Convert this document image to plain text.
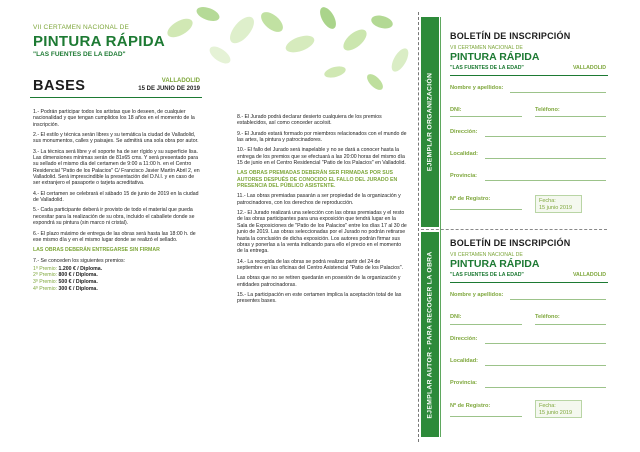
VII CERTAMEN NACIONAL DE
PINTURA RÁPIDA
"LAS FUENTES DE LA EDAD"
BASES	VALLADOLID
15 DE JUNIO DE 2019

1.- Podrán participar todos los artistas que lo deseen, de cualquier nacionalidad y que tengan cumplidos los 18 años en el momento de la inscripción.

2.- El estilo y técnica serán libres y su temática la ciudad de Valladolid, sus monumentos, calles y paisajes. Se admitirá una sola obra por autor.

3.- La técnica será libre y el soporte ha de ser rígido y su superficie lisa. Las dimensiones mínimas serán de 81x65 cms. Y será presentado para su sellado el mismo día del certamen de 9:00 a 11:00 h. en el Centro Residencial "Patio de los Palacios" C/ Francisco Javier Martín Abril 2, en Valladolid. Será imprescindible la presentación del D.N.I. y en caso de ser extranjero el pasaporte o tarjeta acreditativa.

4.- El certamen se celebrará el sábado 15 de junio de 2019 en la ciudad de Valladolid.

5.- Cada participante deberá ir provisto de todo el material que pueda necesitar para la realización de su obra, incluido el caballete donde se expondrá su pintura (sin marco ni cristal).

6.- El plazo máximo de entrega de las obras será hasta las 18:00 h. de ese mismo día y en el mismo lugar donde se realizó el sellado.

LAS OBRAS DEBERÁN ENTREGARSE SIN FIRMAR

7.- Se conceden los siguientes premios:

1º Premio: 1.200 € / Diploma.
2º Premio: 800 € / Diploma.
3º Premio: 500 € / Diploma.
4º Premio: 300 € / Diploma.

8.- El Jurado podrá declarar desierto cualquiera de los premios establecidos, así como conceder accésit.

9.- El Jurado estará formado por miembros relacionados con el mundo de las artes, la pintura y patrocinadores.

10.- El fallo del Jurado será inapelable y no se dará a conocer hasta la entrega de los premios que se efectuará a las 20:00 horas del mismo día 15 de junio en el Centro Residencial "Patio de los Palacios" en Valladolid.

LAS OBRAS PREMIADAS DEBERÁN SER FIRMADAS POR SUS AUTORES DESPUÉS DE CONOCIDO EL FALLO DEL JURADO EN PRESENCIA DEL PÚBLICO ASISTENTE.

11.- Las obras premiadas pasarán a ser propiedad de la organización y patrocinadores, con los derechos de reproducción.

12.- El Jurado realizará una selección con las obras premiadas y el resto de las obras participantes para una exposición que tendrá lugar en la Sala de Exposiciones de "Patio de los Palacios" entre los días 17 al 30 de junio de 2019. Las obras seleccionadas por el Jurado no podrán retirarse hasta la conclusión de dicha exposición. Los autores podrán firmar sus obras y ponerlas a la venta indicando para ello el precio en el momento de la entrega.

14.- La recogida de las obras se podrá realizar partir del 24 de septiembre en las oficinas del Centro Asistencial "Patio de los Palacios".

Las obras que no se retiren quedarán en posesión de la organización y entidades patrocinadoras.

15.- La participación en este certamen implica la aceptación total de las presentes bases.

EJEMPLAR ORGANIZACIÓN
EJEMPLAR AUTOR - PARA RECOGER LA OBRA
BOLETÍN DE INSCRIPCIÓN
VII CERTAMEN NACIONAL DE
PINTURA RÁPIDA
"LAS FUENTES DE LA EDAD"	VALLADOLID
Nombre y apellidos:
DNI:	Teléfono:
Dirección:
Localidad:
Provincia:
Nº de Registro:	Fecha:
15 junio 2019
BOLETÍN DE INSCRIPCIÓN
VII CERTAMEN NACIONAL DE
PINTURA RÁPIDA
"LAS FUENTES DE LA EDAD"	VALLADOLID
Nombre y apellidos:
DNI:	Teléfono:
Dirección:
Localidad:
Provincia:
Nº de Registro:	Fecha:
15 junio 2019
